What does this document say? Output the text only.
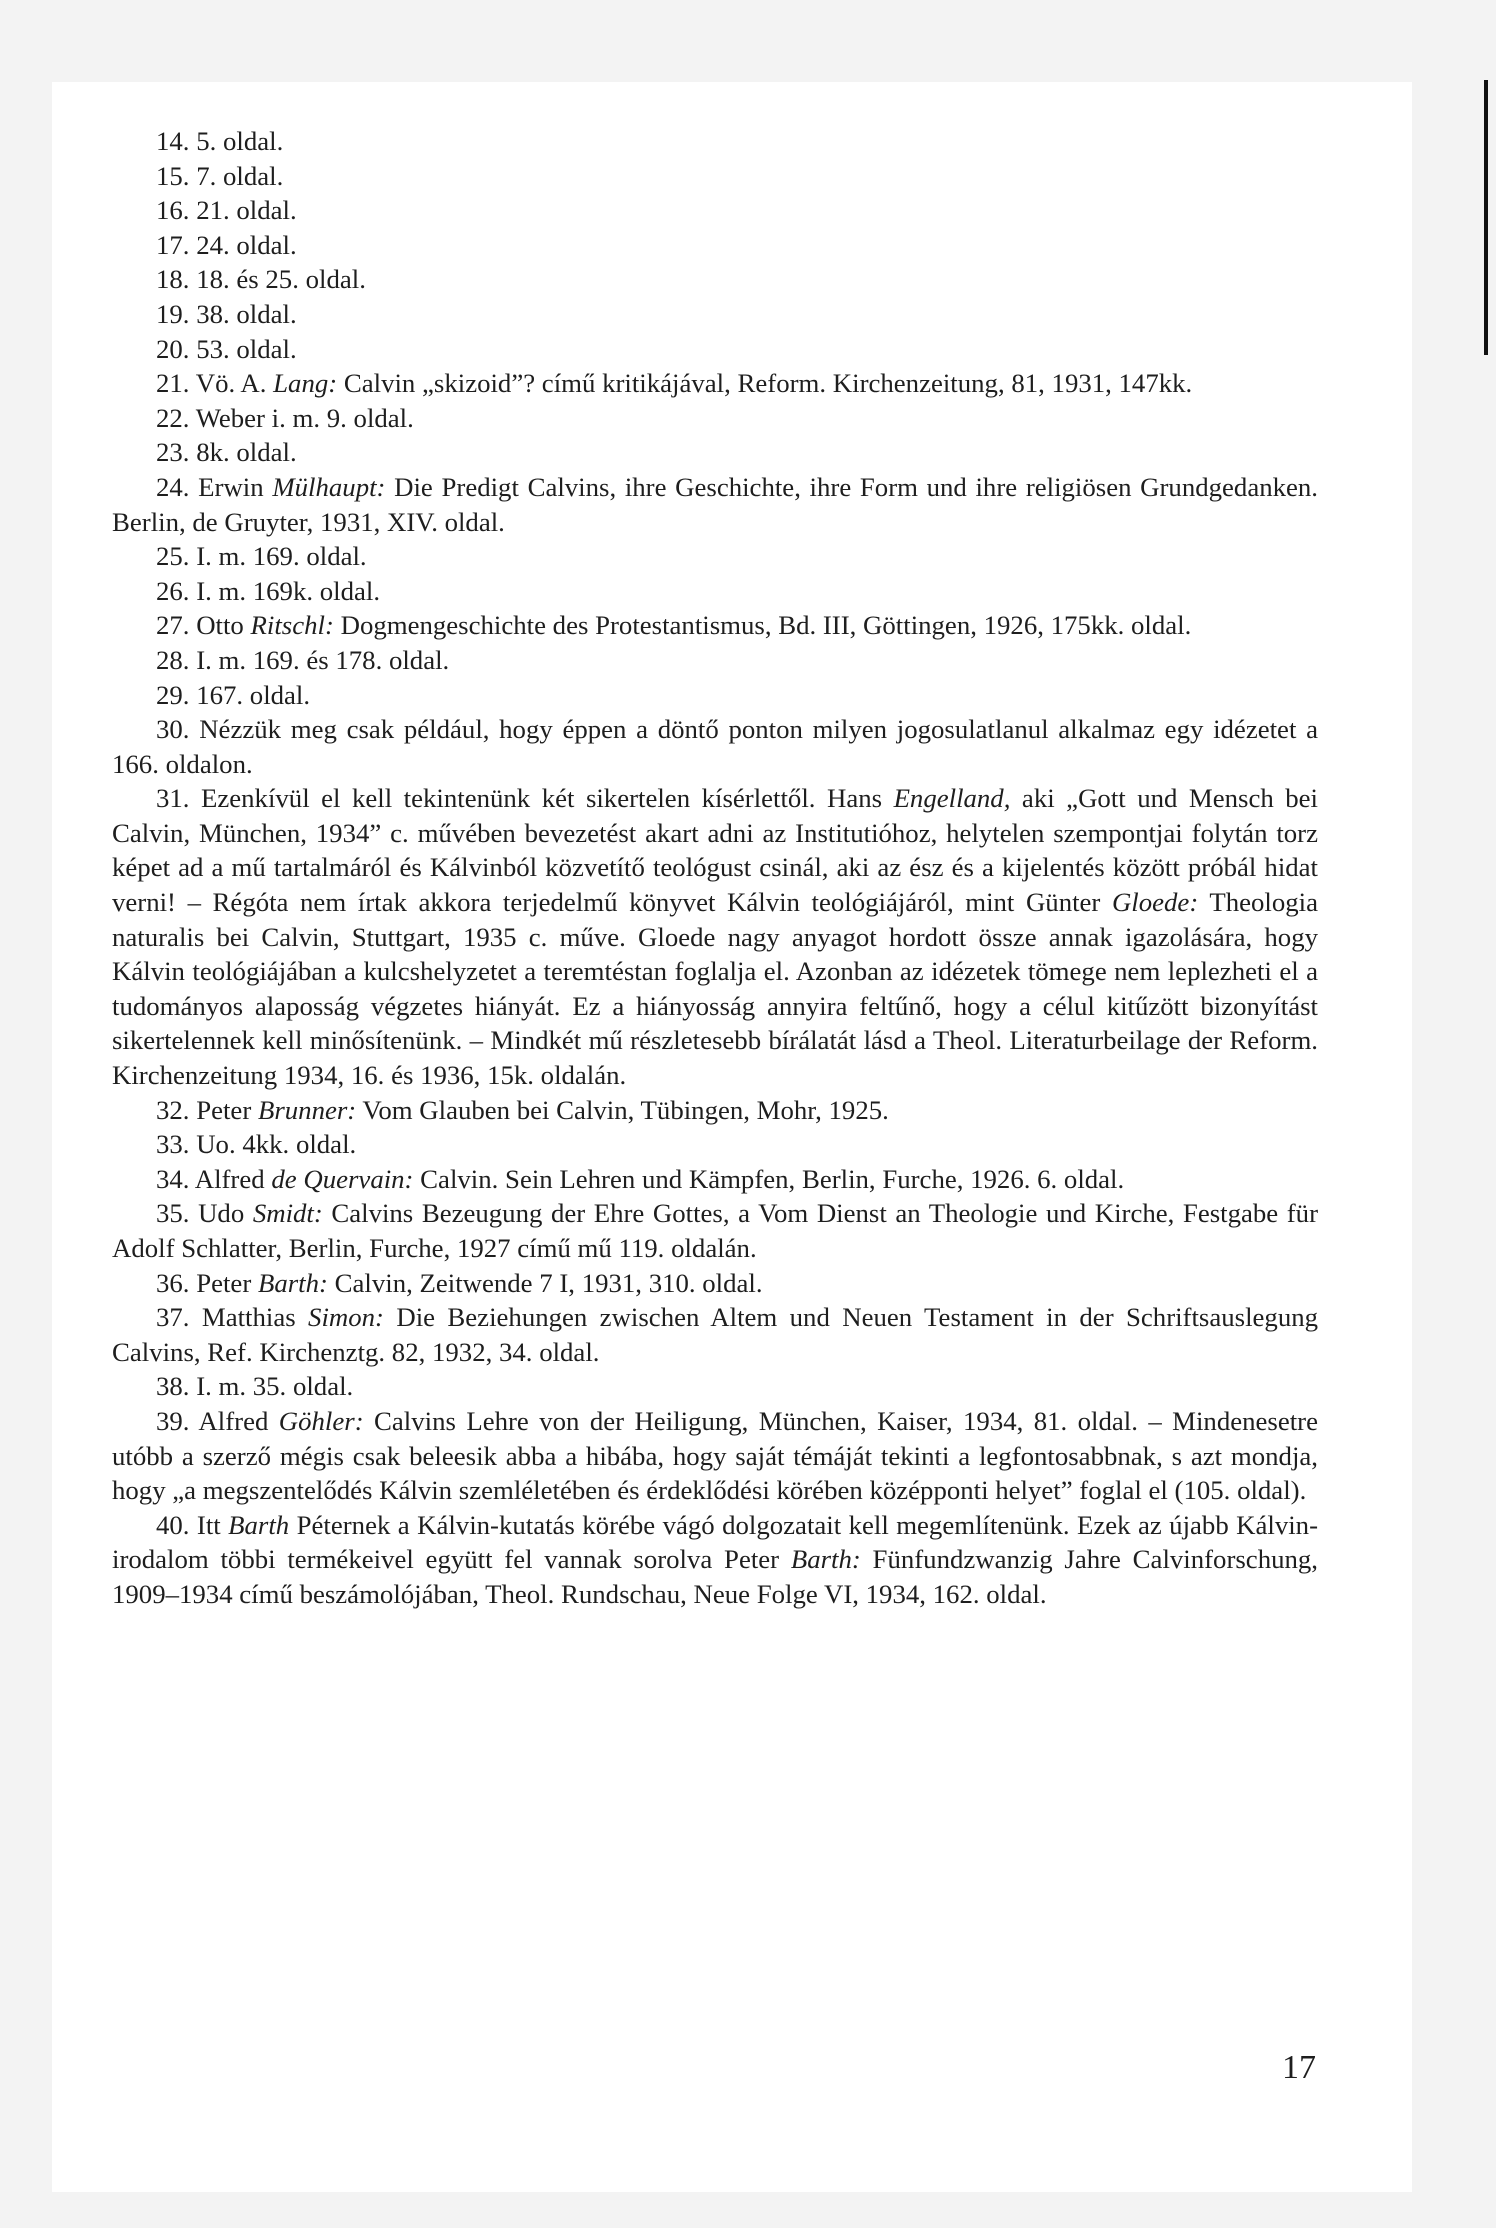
14. 5. oldal.

15. 7. oldal.

16. 21. oldal.

17. 24. oldal.

18. 18. és 25. oldal.

19. 38. oldal.

20. 53. oldal.

21. Vö. A. Lang: Calvin „skizoid”? című kritikájával, Reform. Kirchenzeitung, 81, 1931, 147kk.

22. Weber i. m. 9. oldal.

23. 8k. oldal.

24. Erwin Mülhaupt: Die Predigt Calvins, ihre Geschichte, ihre Form und ihre religiösen Grundgedanken. Berlin, de Gruyter, 1931, XIV. oldal.

25. I. m. 169. oldal.

26. I. m. 169k. oldal.

27. Otto Ritschl: Dogmengeschichte des Protestantismus, Bd. III, Göttingen, 1926, 175kk. oldal.

28. I. m. 169. és 178. oldal.

29. 167. oldal.

30. Nézzük meg csak például, hogy éppen a döntő ponton milyen jogosulatlanul alkalmaz egy idézetet a 166. oldalon.

31. Ezenkívül el kell tekintenünk két sikertelen kísérlettől. Hans Engelland, aki „Gott und Mensch bei Calvin, München, 1934” c. művében bevezetést akart adni az Institutióhoz, helytelen szempontjai folytán torz képet ad a mű tartalmáról és Kálvinból közvetítő teológust csinál, aki az ész és a kijelentés között próbál hidat verni! – Régóta nem írtak akkora terjedelmű könyvet Kálvin teológiájáról, mint Günter Gloede: Theologia naturalis bei Calvin, Stuttgart, 1935 c. műve. Gloede nagy anyagot hordott össze annak igazolására, hogy Kálvin teológiájában a kulcshelyzetet a teremtéstan foglalja el. Azonban az idézetek tömege nem leplezheti el a tudományos alaposság végzetes hiányát. Ez a hiányosság annyira feltűnő, hogy a célul kitűzött bizonyítást sikertelennek kell minősítenünk. – Mindkét mű részletesebb bírálatát lásd a Theol. Literaturbeilage der Reform. Kirchenzeitung 1934, 16. és 1936, 15k. oldalán.

32. Peter Brunner: Vom Glauben bei Calvin, Tübingen, Mohr, 1925.

33. Uo. 4kk. oldal.

34. Alfred de Quervain: Calvin. Sein Lehren und Kämpfen, Berlin, Furche, 1926. 6. oldal.

35. Udo Smidt: Calvins Bezeugung der Ehre Gottes, a Vom Dienst an Theologie und Kirche, Festgabe für Adolf Schlatter, Berlin, Furche, 1927 című mű 119. oldalán.

36. Peter Barth: Calvin, Zeitwende 7 I, 1931, 310. oldal.

37. Matthias Simon: Die Beziehungen zwischen Altem und Neuen Testament in der Schriftsauslegung Calvins, Ref. Kirchenztg. 82, 1932, 34. oldal.

38. I. m. 35. oldal.

39. Alfred Göhler: Calvins Lehre von der Heiligung, München, Kaiser, 1934, 81. oldal. – Mindenesetre utóbb a szerző mégis csak beleesik abba a hibába, hogy saját témáját tekinti a legfontosabbnak, s azt mondja, hogy „a megszentelődés Kálvin szemléletében és érdeklődési körében középponti helyet” foglal el (105. oldal).

40. Itt Barth Péternek a Kálvin-kutatás körébe vágó dolgozatait kell megemlítenünk. Ezek az újabb Kálvin-irodalom többi termékeivel együtt fel vannak sorolva Peter Barth: Fünfundzwanzig Jahre Calvinforschung, 1909–1934 című beszámolójában, Theol. Rundschau, Neue Folge VI, 1934, 162. oldal.

17
